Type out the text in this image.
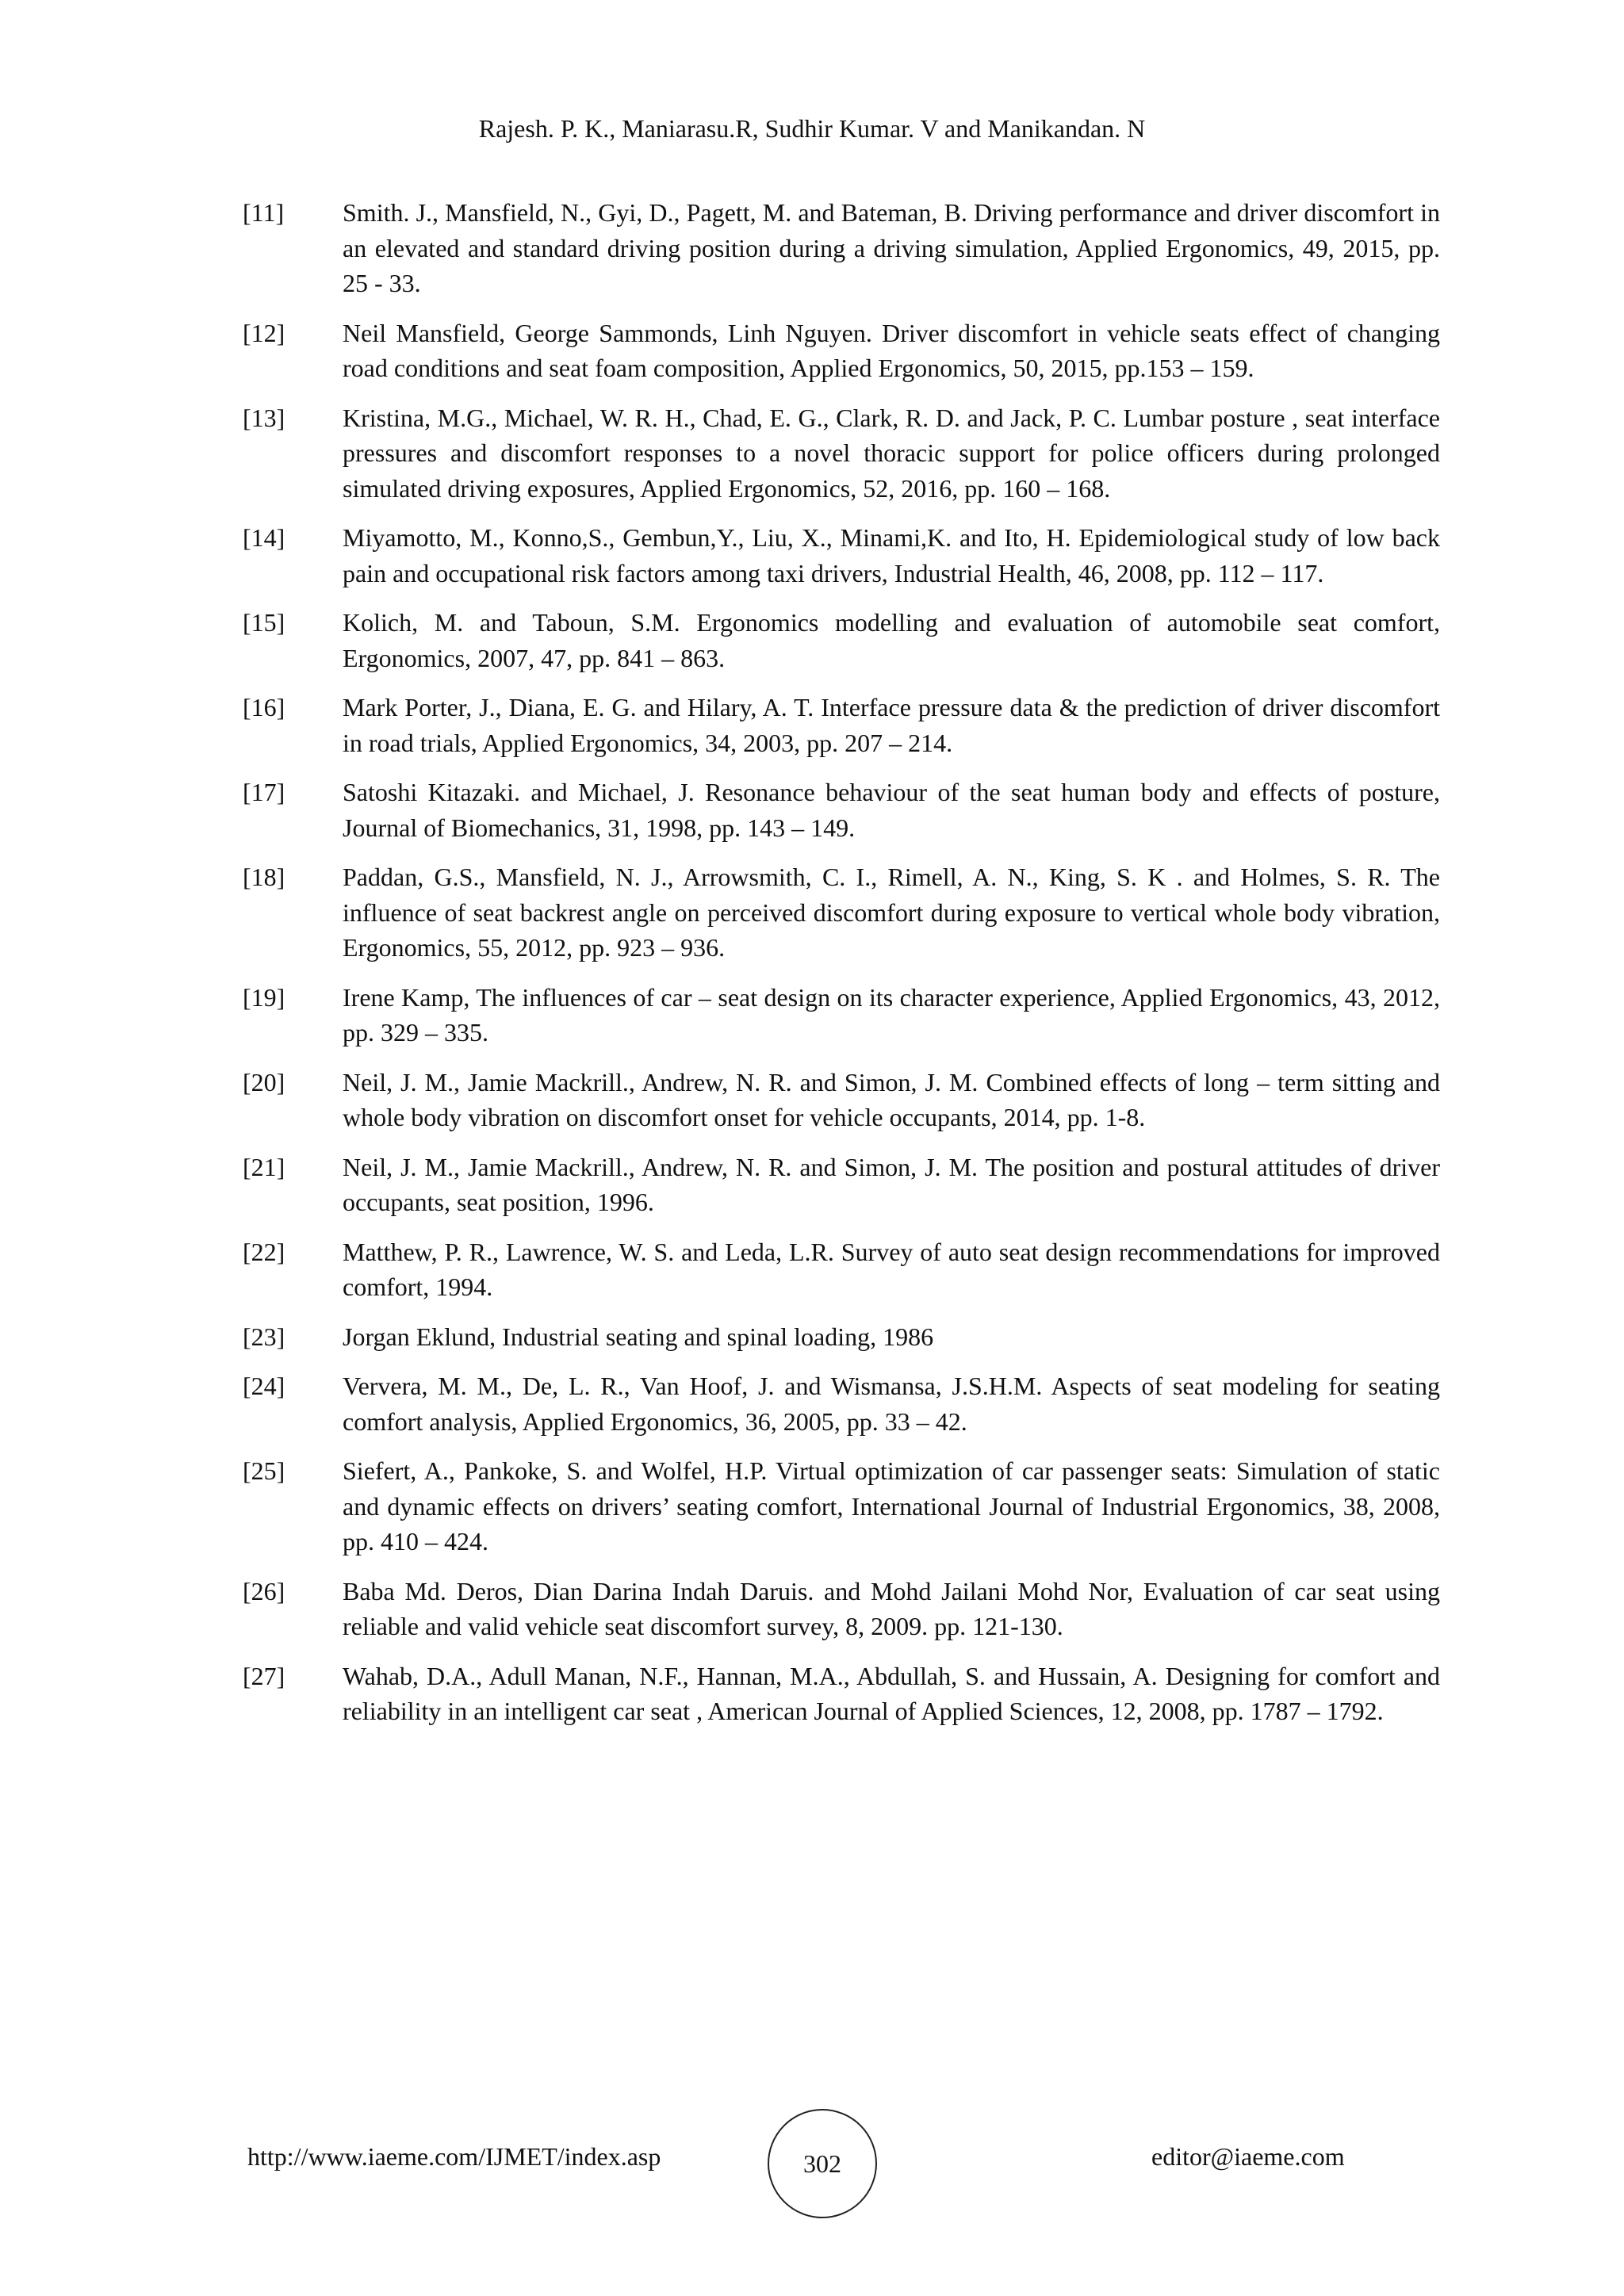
Rajesh. P. K., Maniarasu.R, Sudhir Kumar. V and Manikandan. N
[11]	Smith. J., Mansfield, N., Gyi, D., Pagett, M. and Bateman, B. Driving performance and driver discomfort in an elevated and standard driving position during a driving simulation, Applied Ergonomics, 49, 2015, pp. 25 - 33.
[12]	Neil Mansfield, George Sammonds, Linh Nguyen. Driver discomfort in vehicle seats effect of changing road conditions and seat foam composition, Applied Ergonomics, 50, 2015, pp.153 – 159.
[13]	Kristina, M.G., Michael, W. R. H., Chad, E. G., Clark, R. D. and Jack, P. C. Lumbar posture , seat interface pressures and discomfort responses to a novel thoracic support for police officers during prolonged simulated driving exposures, Applied Ergonomics, 52, 2016, pp. 160 – 168.
[14]	Miyamotto, M., Konno,S., Gembun,Y., Liu, X., Minami,K. and Ito, H. Epidemiological study of low back pain and occupational risk factors among taxi drivers, Industrial Health, 46, 2008, pp. 112 – 117.
[15]	Kolich, M. and Taboun, S.M. Ergonomics modelling and evaluation of automobile seat comfort, Ergonomics, 2007, 47, pp. 841 – 863.
[16]	Mark Porter, J., Diana, E. G. and Hilary, A. T. Interface pressure data & the prediction of driver discomfort in road trials, Applied Ergonomics, 34, 2003, pp. 207 – 214.
[17]	Satoshi Kitazaki. and Michael, J. Resonance behaviour of the seat human body and effects of posture, Journal of Biomechanics, 31, 1998, pp. 143 – 149.
[18]	Paddan, G.S., Mansfield, N. J., Arrowsmith, C. I., Rimell, A. N., King, S. K . and Holmes, S. R. The influence of seat backrest angle on perceived discomfort during exposure to vertical whole body vibration, Ergonomics, 55, 2012, pp. 923 – 936.
[19]	Irene Kamp, The influences of car – seat design on its character experience, Applied Ergonomics, 43, 2012, pp. 329 – 335.
[20]	Neil, J. M., Jamie Mackrill., Andrew, N. R. and Simon, J. M. Combined effects of long – term sitting and whole body vibration on discomfort onset for vehicle occupants, 2014, pp. 1-8.
[21]	Neil, J. M., Jamie Mackrill., Andrew, N. R. and Simon, J. M. The position and postural attitudes of driver occupants, seat position, 1996.
[22]	Matthew, P. R., Lawrence, W. S. and Leda, L.R. Survey of auto seat design recommendations for improved comfort, 1994.
[23]	Jorgan Eklund, Industrial seating and spinal loading, 1986
[24]	Ververa, M. M., De, L. R., Van Hoof, J. and Wismansa, J.S.H.M. Aspects of seat modeling for seating comfort analysis, Applied Ergonomics, 36, 2005, pp. 33 – 42.
[25]	Siefert, A., Pankoke, S. and Wolfel, H.P. Virtual optimization of car passenger seats: Simulation of static and dynamic effects on drivers’ seating comfort, International Journal of Industrial Ergonomics, 38, 2008, pp. 410 – 424.
[26]	Baba Md. Deros, Dian Darina Indah Daruis. and Mohd Jailani Mohd Nor, Evaluation of car seat using reliable and valid vehicle seat discomfort survey, 8, 2009. pp. 121-130.
[27]	Wahab, D.A., Adull Manan, N.F., Hannan, M.A., Abdullah, S. and Hussain, A. Designing for comfort and reliability in an intelligent car seat , American Journal of Applied Sciences, 12, 2008, pp. 1787 – 1792.
http://www.iaeme.com/IJMET/index.asp	302	editor@iaeme.com
